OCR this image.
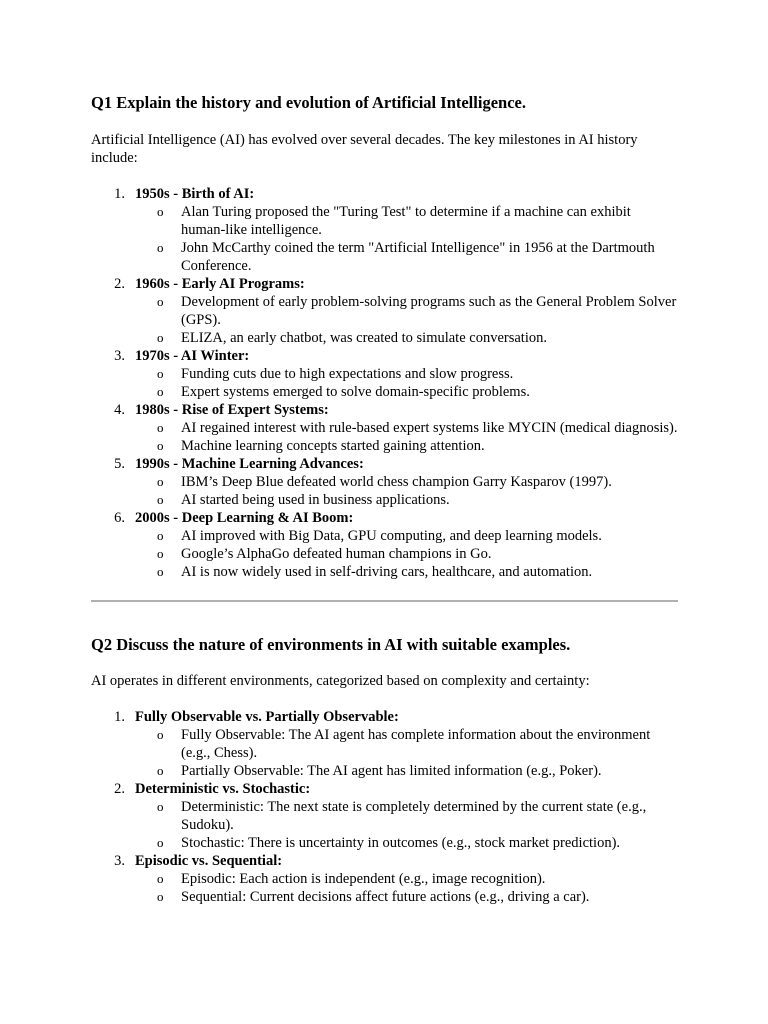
Q1 Explain the history and evolution of Artificial Intelligence.

Artificial Intelligence (AI) has evolved over several decades. The key milestones in AI history include:

1. 1950s - Birth of AI:
o Alan Turing proposed the "Turing Test" to determine if a machine can exhibit human-like intelligence.
o John McCarthy coined the term "Artificial Intelligence" in 1956 at the Dartmouth Conference.
2. 1960s - Early AI Programs:
o Development of early problem-solving programs such as the General Problem Solver (GPS).
o ELIZA, an early chatbot, was created to simulate conversation.
3. 1970s - AI Winter:
o Funding cuts due to high expectations and slow progress.
o Expert systems emerged to solve domain-specific problems.
4. 1980s - Rise of Expert Systems:
o AI regained interest with rule-based expert systems like MYCIN (medical diagnosis).
o Machine learning concepts started gaining attention.
5. 1990s - Machine Learning Advances:
o IBM’s Deep Blue defeated world chess champion Garry Kasparov (1997).
o AI started being used in business applications.
6. 2000s - Deep Learning & AI Boom:
o AI improved with Big Data, GPU computing, and deep learning models.
o Google’s AlphaGo defeated human champions in Go.
o AI is now widely used in self-driving cars, healthcare, and automation.
Q2 Discuss the nature of environments in AI with suitable examples.

AI operates in different environments, categorized based on complexity and certainty:

1. Fully Observable vs. Partially Observable:
o Fully Observable: The AI agent has complete information about the environment (e.g., Chess).
o Partially Observable: The AI agent has limited information (e.g., Poker).
2. Deterministic vs. Stochastic:
o Deterministic: The next state is completely determined by the current state (e.g., Sudoku).
o Stochastic: There is uncertainty in outcomes (e.g., stock market prediction).
3. Episodic vs. Sequential:
o Episodic: Each action is independent (e.g., image recognition).
o Sequential: Current decisions affect future actions (e.g., driving a car).
